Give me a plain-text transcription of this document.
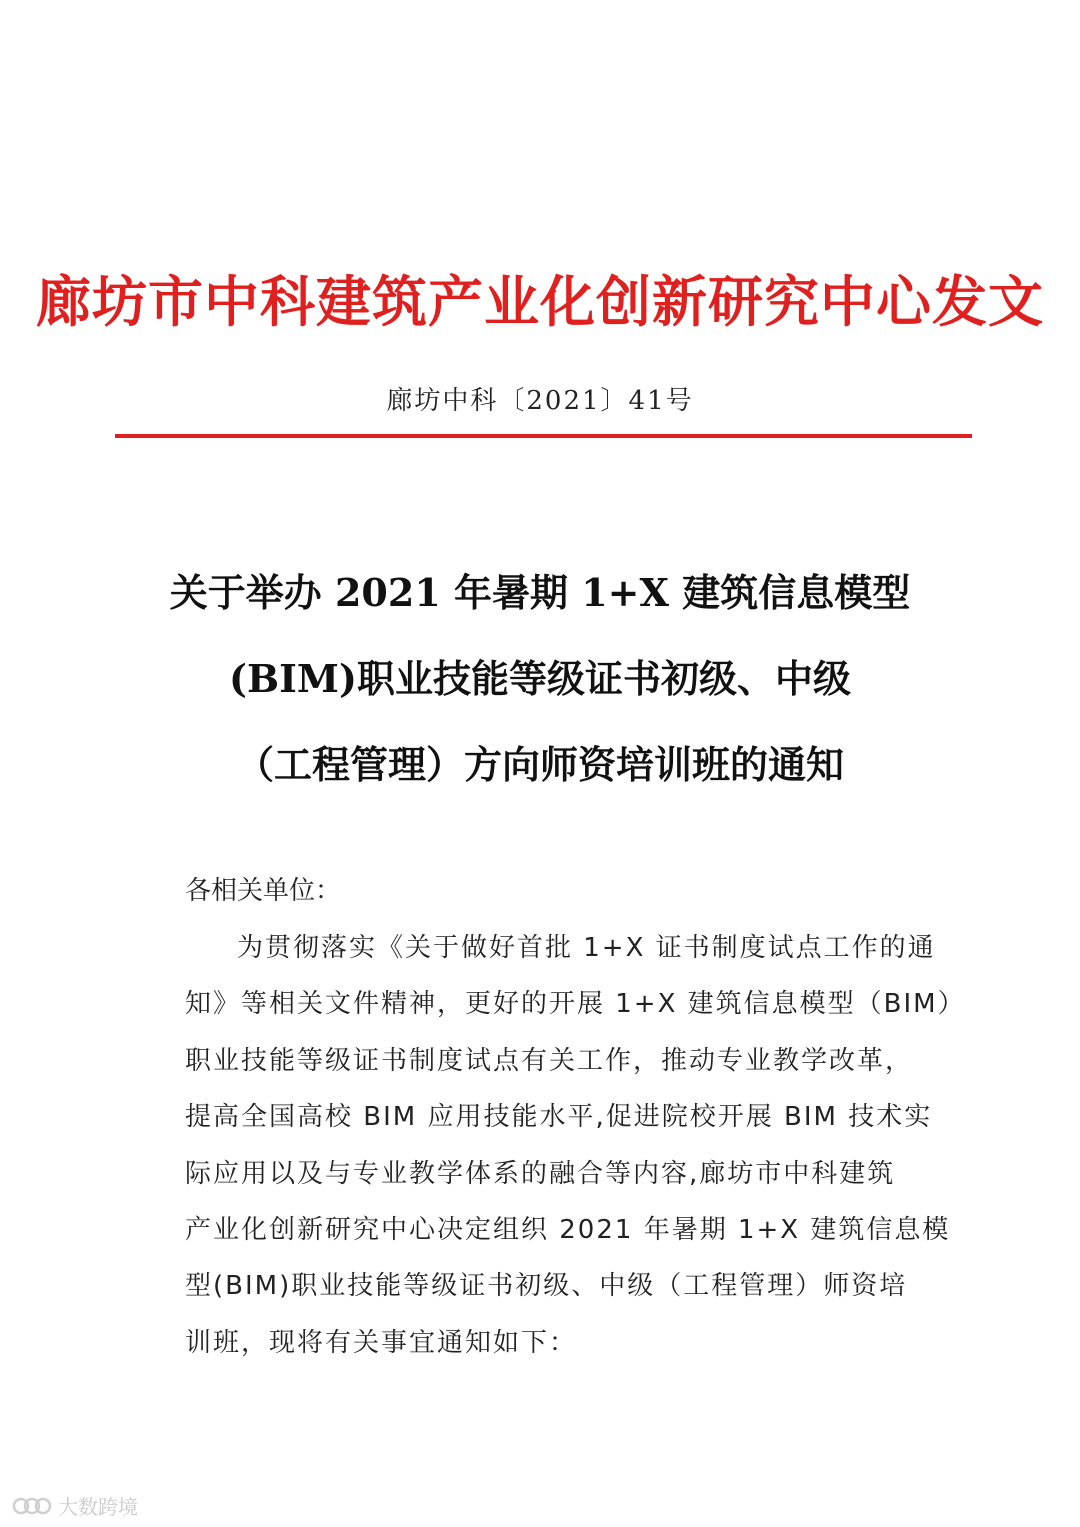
廊坊市中科建筑产业化创新研究中心发文
廊坊中科〔2021〕41号
关于举办 2021 年暑期 1+X 建筑信息模型
(BIM)职业技能等级证书初级、中级
（工程管理）方向师资培训班的通知
各相关单位：
为贯彻落实《关于做好首批 1+X 证书制度试点工作的通
知》等相关文件精神，更好的开展 1+X 建筑信息模型（BIM）
职业技能等级证书制度试点有关工作，推动专业教学改革，
提高全国高校 BIM 应用技能水平,促进院校开展 BIM 技术实
际应用以及与专业教学体系的融合等内容,廊坊市中科建筑
产业化创新研究中心决定组织 2021 年暑期 1+X 建筑信息模
型(BIM)职业技能等级证书初级、中级（工程管理）师资培
训班，现将有关事宜通知如下：
大数跨境
